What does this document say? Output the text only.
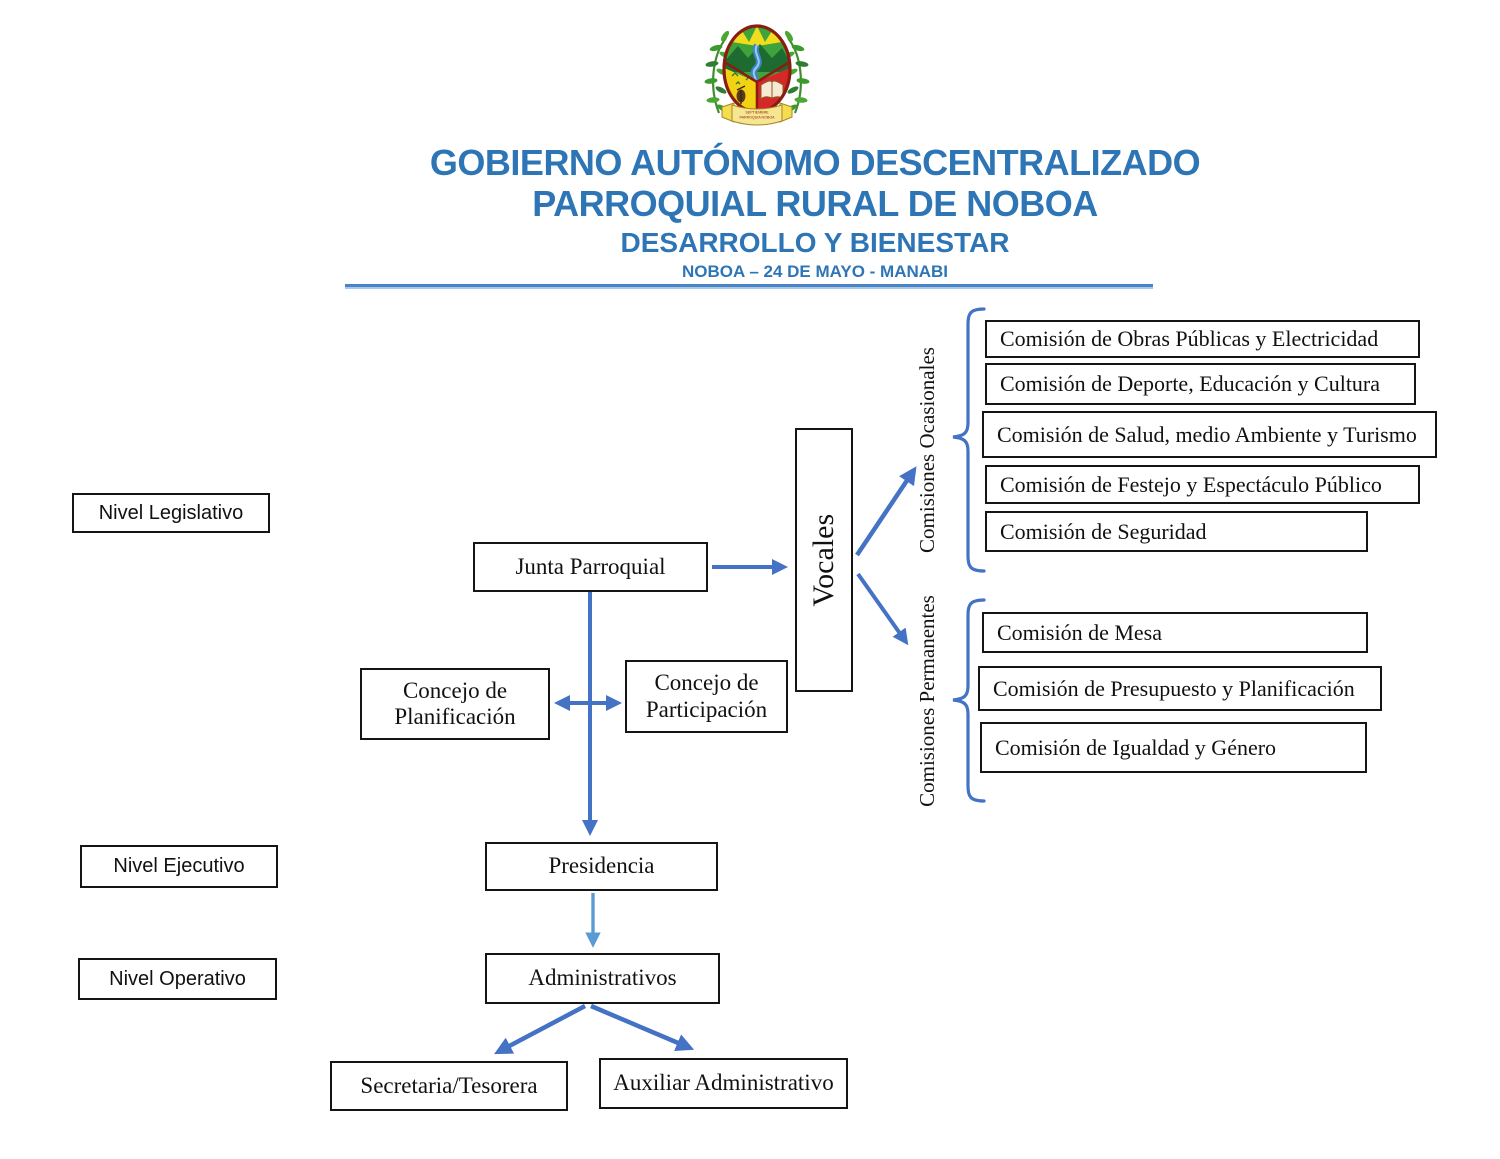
SEPTIEMBRE
PARROQUIA NOBOA
GOBIERNO AUTÓNOMO DESCENTRALIZADO
PARROQUIAL RURAL DE NOBOA
DESARROLLO Y BIENESTAR
NOBOA – 24 DE MAYO - MANABI
Nivel Legislativo
Nivel Ejecutivo
Nivel Operativo
Junta Parroquial	Vocales
Concejo de Planificación
Concejo de Participación
Presidencia
Administrativos
Secretaria/Tesorera	Auxiliar Administrativo
Comisiones Ocasionales
Comisiones Permanentes
Comisión de Obras Públicas y Electricidad
Comisión de Deporte, Educación y Cultura
Comisión de Salud, medio Ambiente y Turismo
Comisión de Festejo y Espectáculo Público
Comisión de Seguridad
Comisión de Mesa
Comisión de Presupuesto y Planificación
Comisión de Igualdad y Género
